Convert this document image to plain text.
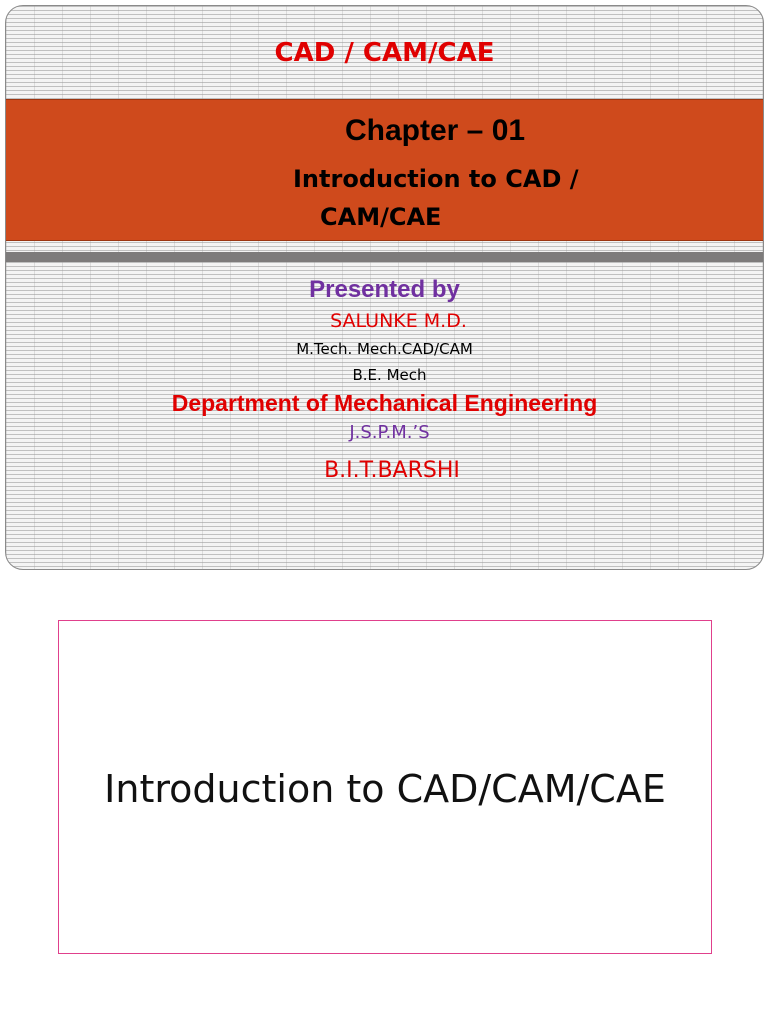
CAD / CAM/CAE
Chapter – 01
Introduction to CAD /
CAM/CAE
Presented by
SALUNKE M.D.
M.Tech. Mech.CAD/CAM
B.E. Mech
Department of Mechanical Engineering
J.S.P.M.’S
B.I.T.BARSHI
Introduction to CAD/CAM/CAE
